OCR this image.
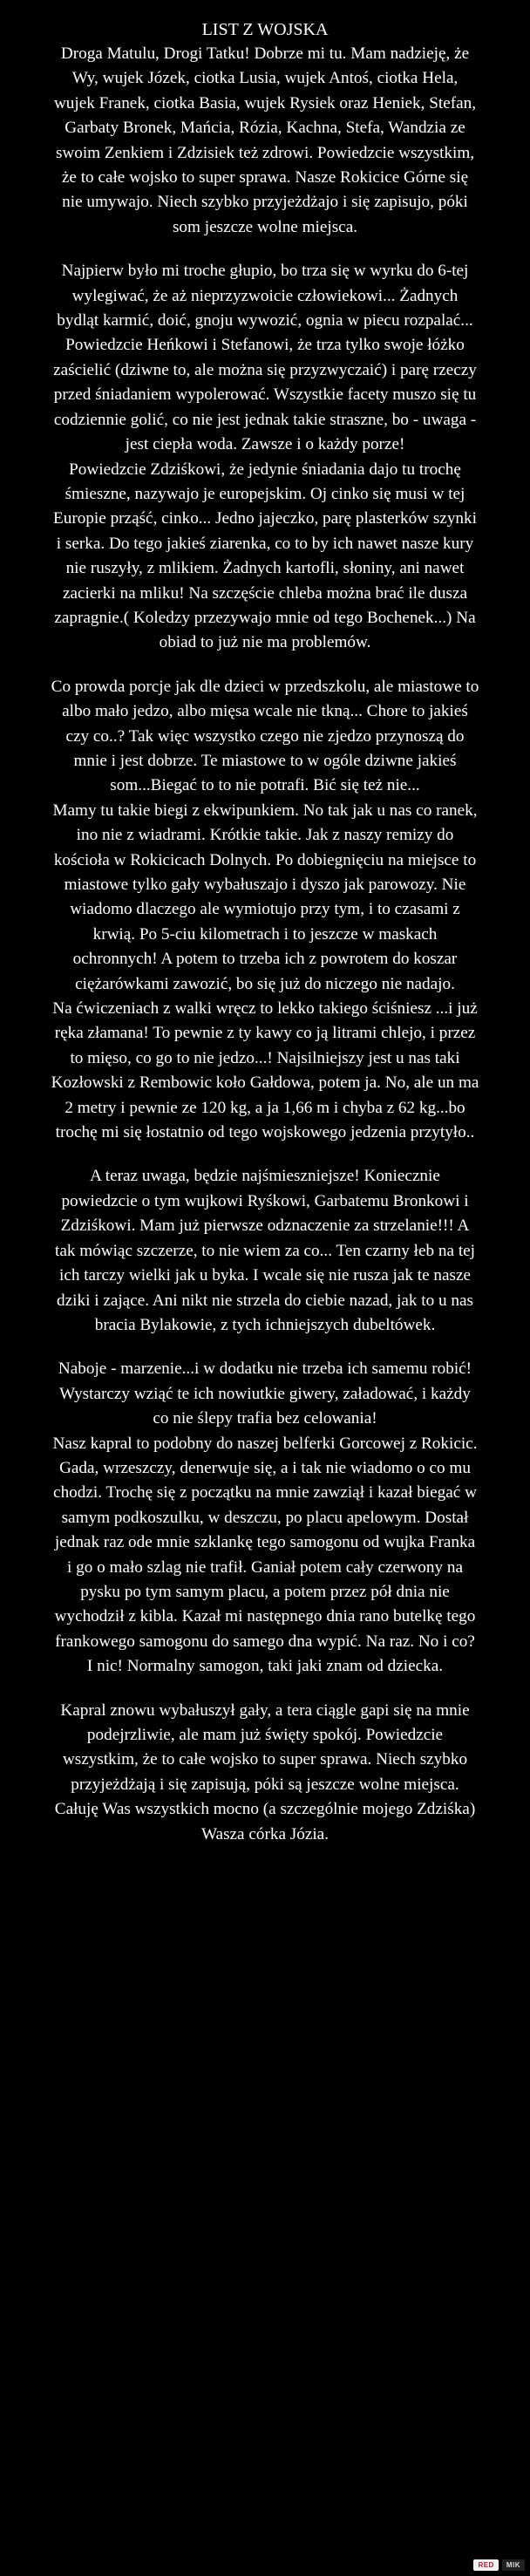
LIST Z WOJSKA

Droga Matulu, Drogi Tatku! Dobrze mi tu. Mam nadzieję, że Wy, wujek Józek, ciotka Lusia, wujek Antoś, ciotka Hela, wujek Franek, ciotka Basia, wujek Rysiek oraz Heniek, Stefan, Garbaty Bronek, Mańcia, Rózia, Kachna, Stefa, Wandzia ze swoim Zenkiem i Zdzisiek też zdrowi. Powiedzcie wszystkim, że to całe wojsko to super sprawa. Nasze Rokicice Górne się nie umywajo. Niech szybko przyjeżdżajo i się zapisujo, póki som jeszcze wolne miejsca.

Najpierw było mi troche głupio, bo trza się w wyrku do 6-tej wylegiwać, że aż nieprzyzwoicie człowiekowi... Żadnych bydląt karmić, doić, gnoju wywozić, ognia w piecu rozpalać... Powiedzcie Heńkowi i Stefanowi, że trza tylko swoje łóżko zaścielić (dziwne to, ale można się przyzwyczaić) i parę rzeczy przed śniadaniem wypolerować. Wszystkie facety muszo się tu codziennie golić, co nie jest jednak takie straszne, bo - uwaga - jest ciepła woda. Zawsze i o każdy porze!
Powiedzcie Zdziśkowi, że jedynie śniadania dajo tu trochę śmieszne, nazywajo je europejskim. Oj cinko się musi w tej Europie prząść, cinko... Jedno jajeczko, parę plasterków szynki i serka. Do tego jakieś ziarenka, co to by ich nawet nasze kury nie ruszyły, z mlikiem. Żadnych kartofli, słoniny, ani nawet zacierki na mliku! Na szczęście chleba można brać ile dusza zapragnie.( Koledzy przezywajo mnie od tego Bochenek...) Na obiad to już nie ma problemów.

Co prowda porcje jak dle dzieci w przedszkolu, ale miastowe to albo mało jedzo, albo mięsa wcale nie tkną... Chore to jakieś czy co..? Tak więc wszystko czego nie zjedzo przynoszą do mnie i jest dobrze. Te miastowe to w ogóle dziwne jakieś som...Biegać to to nie potrafi. Bić się też nie...
Mamy tu takie biegi z ekwipunkiem. No tak jak u nas co ranek, ino nie z wiadrami. Krótkie takie. Jak z naszy remizy do kościoła w Rokicicach Dolnych. Po dobiegnięciu na miejsce to miastowe tylko gały wybałuszajo i dyszo jak parowozy. Nie wiadomo dlaczego ale wymiotujo przy tym, i to czasami z krwią. Po 5-ciu kilometrach i to jeszcze w maskach ochronnych! A potem to trzeba ich z powrotem do koszar ciężarówkami zawozić, bo się już do niczego nie nadajo.
Na ćwiczeniach z walki wręcz to lekko takiego ściśniesz ...i już ręka złamana! To pewnie z ty kawy co ją litrami chlejo, i przez to mięso, co go to nie jedzo...! Najsilniejszy jest u nas taki Kozłowski z Rembowic koło Gałdowa, potem ja. No, ale un ma 2 metry i pewnie ze 120 kg, a ja 1,66 m i chyba z 62 kg...bo trochę mi się łostatnio od tego wojskowego jedzenia przytyło..

A teraz uwaga, będzie najśmieszniejsze! Koniecznie powiedzcie o tym wujkowi Ryśkowi, Garbatemu Bronkowi i Zdziśkowi. Mam już pierwsze odznaczenie za strzelanie!!! A tak mówiąc szczerze, to nie wiem za co... Ten czarny łeb na tej ich tarczy wielki jak u byka. I wcale się nie rusza jak te nasze dziki i zające. Ani nikt nie strzela do ciebie nazad, jak to u nas bracia Bylakowie, z tych ichniejszych dubeltówek.

Naboje - marzenie...i w dodatku nie trzeba ich samemu robić! Wystarczy wziąć te ich nowiutkie giwery, załadować, i każdy co nie ślepy trafia bez celowania!
Nasz kapral to podobny do naszej belferki Gorcowej z Rokicic. Gada, wrzeszczy, denerwuje się, a i tak nie wiadomo o co mu chodzi. Trochę się z początku na mnie zawziął i kazał biegać w samym podkoszulku, w deszczu, po placu apelowym. Dostał jednak raz ode mnie szklankę tego samogonu od wujka Franka i go o mało szlag nie trafił. Ganiał potem cały czerwony na pysku po tym samym placu, a potem przez pół dnia nie wychodził z kibla. Kazał mi następnego dnia rano butelkę tego frankowego samogonu do samego dna wypić. Na raz. No i co? I nic! Normalny samogon, taki jaki znam od dziecka.

Kapral znowu wybałuszył gały, a tera ciągle gapi się na mnie podejrzliwie, ale mam już święty spokój. Powiedzcie wszystkim, że to całe wojsko to super sprawa. Niech szybko przyjeżdżają i się zapisują, póki są jeszcze wolne miejsca. Całuję Was wszystkich mocno (a szczególnie mojego Zdziśka) Wasza córka Józia.

RED	MIK
